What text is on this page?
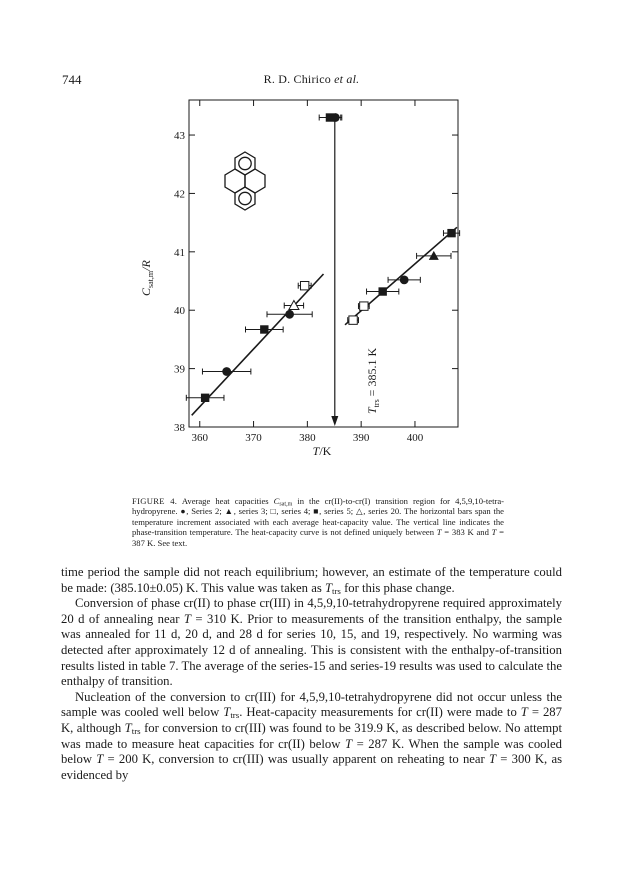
744	R. D. Chirico et al.
360	370	380	390	400
38
39
40
41
42
43
$T_{trs} = 385.1$ K
$C_{sat,m}/R$
T/K
FIGURE 4. Average heat capacities $C_{sat,m}$ in the cr(II)-to-cr(I) transition region for 4,5,9,10-tetra-hydropyrene. ●, Series 2; ▲, series 3; □, series 4; ■, series 5; △, series 20. The horizontal bars span the temperature increment associated with each average heat-capacity value. The vertical line indicates the phase-transition temperature. The heat-capacity curve is not defined uniquely between T = 383 K and T = 387 K. See text.

time period the sample did not reach equilibrium; however, an estimate of the temperature could be made: (385.10±0.05) K. This value was taken as $T_{trs}$ for this phase change.

Conversion of phase cr(II) to phase cr(III) in 4,5,9,10-tetrahydropyrene required approximately 20 d of annealing near T = 310 K. Prior to measurements of the transition enthalpy, the sample was annealed for 11 d, 20 d, and 28 d for series 10, 15, and 19, respectively. No warming was detected after approximately 12 d of annealing. This is consistent with the enthalpy-of-transition results listed in table 7. The average of the series-15 and series-19 results was used to calculate the enthalpy of transition.

Nucleation of the conversion to cr(III) for 4,5,9,10-tetrahydropyrene did not occur unless the sample was cooled well below $T_{trs}$. Heat-capacity measurements for cr(II) were made to T = 287 K, although $T_{trs}$ for conversion to cr(III) was found to be 319.9 K, as described below. No attempt was made to measure heat capacities for cr(II) below T = 287 K. When the sample was cooled below T = 200 K, conversion to cr(III) was usually apparent on reheating to near T = 300 K, as evidenced by
